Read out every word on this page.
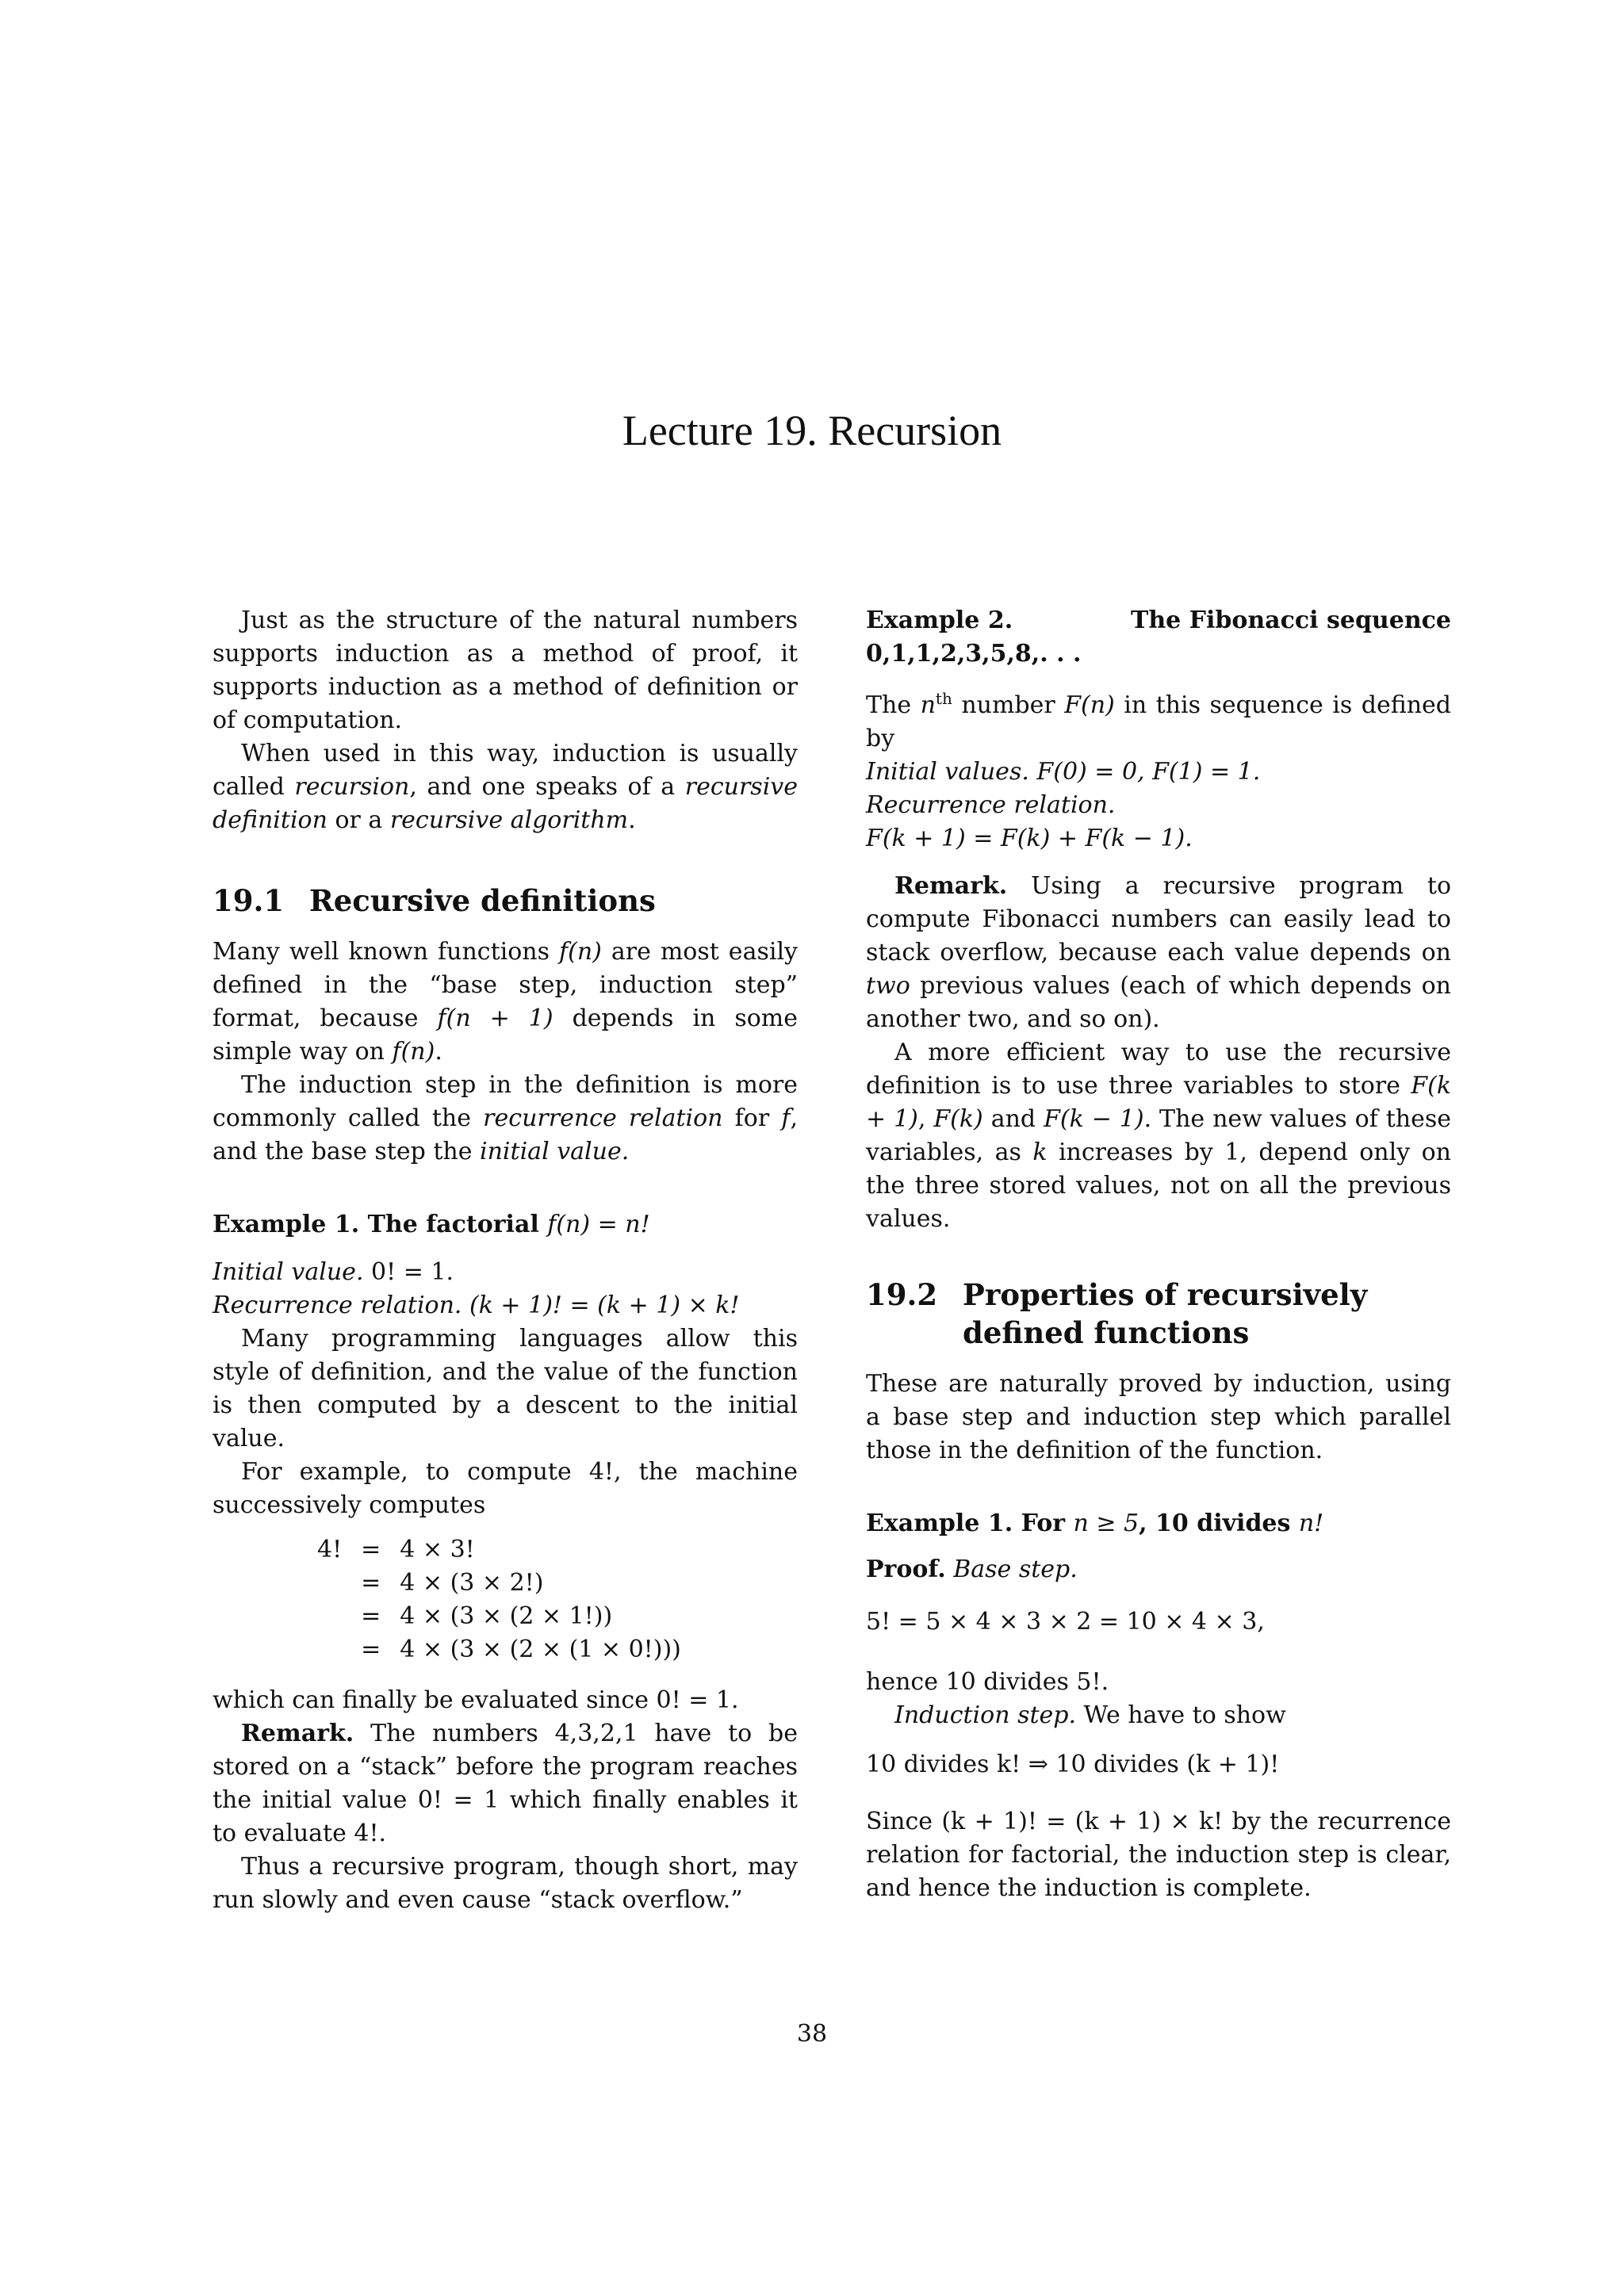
Lecture 19. Recursion

Just as the structure of the natural numbers supports induction as a method of proof, it supports induction as a method of definition or of computation.

When used in this way, induction is usually called recursion, and one speaks of a recursive definition or a recursive algorithm.

19.1 Recursive definitions

Many well known functions f(n) are most easily defined in the “base step, induction step” format, because f(n + 1) depends in some simple way on f(n).

The induction step in the definition is more commonly called the recurrence relation for f, and the base step the initial value.

Example 1. The factorial f(n) = n!

Initial value. 0! = 1.

Recurrence relation. (k + 1)! = (k + 1) × k!

Many programming languages allow this style of definition, and the value of the function is then computed by a descent to the initial value.

For example, to compute 4!, the machine successively computes

4!	=	4 × 3!
	=	4 × (3 × 2!)
	=	4 × (3 × (2 × 1!))
	=	4 × (3 × (2 × (1 × 0!)))

which can finally be evaluated since 0! = 1.

Remark. The numbers 4,3,2,1 have to be stored on a “stack” before the program reaches the initial value 0! = 1 which finally enables it to evaluate 4!.

Thus a recursive program, though short, may run slowly and even cause “stack overflow.”

Example 2.	The Fibonacci sequence
0,1,1,2,3,5,8,. . .

The $n^{th}$ number F(n) in this sequence is defined by

Initial values. F(0) = 0, F(1) = 1.

Recurrence relation.

F(k + 1) = F(k) + F(k − 1).

Remark. Using a recursive program to compute Fibonacci numbers can easily lead to stack overflow, because each value depends on two previous values (each of which depends on another two, and so on).

A more efficient way to use the recursive definition is to use three variables to store F(k + 1), F(k) and F(k − 1). The new values of these variables, as k increases by 1, depend only on the three stored values, not on all the previous values.

19.2 Properties of recursively defined functions

These are naturally proved by induction, using a base step and induction step which parallel those in the definition of the function.

Example 1. For n ≥ 5, 10 divides n!

Proof. Base step.

5! = 5 × 4 × 3 × 2 = 10 × 4 × 3,

hence 10 divides 5!.

Induction step. We have to show

10 divides k! ⇒ 10 divides (k + 1)!

Since (k + 1)! = (k + 1) × k! by the recurrence relation for factorial, the induction step is clear, and hence the induction is complete.

38
